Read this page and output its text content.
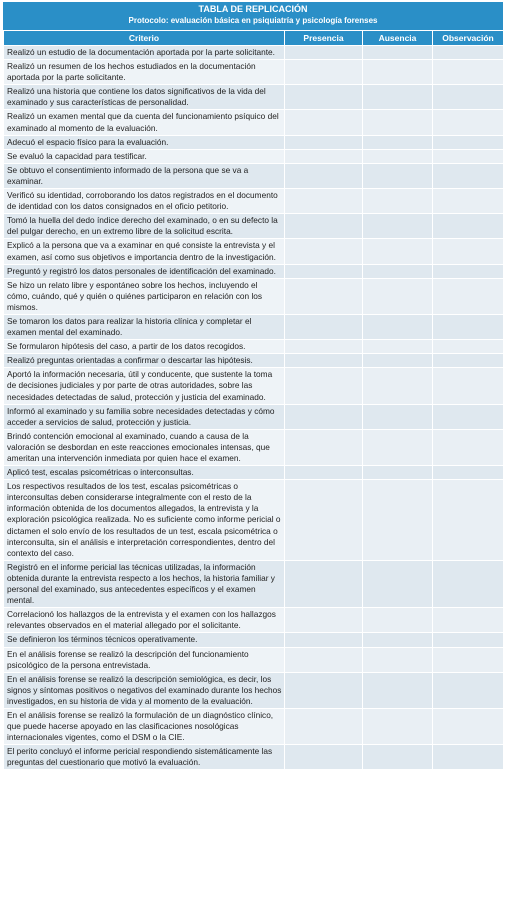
TABLA DE REPLICACIÓN
Protocolo: evaluación básica en psiquiatría y psicología forenses
Criterio	Presencia	Ausencia	Observación
Realizó un estudio de la documentación aportada por la parte solicitante.			
Realizó un resumen de los hechos estudiados en la documentación aportada por la parte solicitante.			
Realizó una historia que contiene los datos significativos de la vida del examinado y sus características de personalidad.			
Realizó un examen mental que da cuenta del funcionamiento psíquico del examinado al momento de la evaluación.			
Adecuó el espacio físico para la evaluación.			
Se evaluó la capacidad para testificar.			
Se obtuvo el consentimiento informado de la persona que se va a examinar.			
Verificó su identidad, corroborando los datos registrados en el documento de identidad con los datos consignados en el oficio petitorio.			
Tomó la huella del dedo índice derecho del examinado, o en su defecto la del pulgar derecho, en un extremo libre de la solicitud escrita.			
Explicó a la persona que va a examinar en qué consiste la entrevista y el examen, así como sus objetivos e importancia dentro de la investigación.			
Preguntó y registró los datos personales de identificación del examinado.			
Se hizo un relato libre y espontáneo sobre los hechos, incluyendo el cómo, cuándo, qué y quién o quiénes participaron en relación con los mismos.			
Se tomaron los datos para realizar la historia clínica y completar el examen mental del examinado.			
Se formularon hipótesis del caso, a partir de los datos recogidos.			
Realizó preguntas orientadas a confirmar o descartar las hipótesis.			
Aportó la información necesaria, útil y conducente, que sustente la toma de decisiones judiciales y por parte de otras autoridades, sobre las necesidades detectadas de salud, protección y justicia del examinado.			
Informó al examinado y su familia sobre necesidades detectadas y cómo acceder a servicios de salud, protección y justicia.			
Brindó contención emocional al examinado, cuando a causa de la valoración se desbordan en este reacciones emocionales intensas, que ameritan una intervención inmediata por quien hace el examen.			
Aplicó test, escalas psicométricas o interconsultas.			
Los respectivos resultados de los test, escalas psicométricas o interconsultas deben considerarse integralmente con el resto de la información obtenida de los documentos allegados, la entrevista y la exploración psicológica realizada. No es suficiente como informe pericial o dictamen el solo envío de los resultados de un test, escala psicométrica o interconsulta, sin el análisis e interpretación correspondientes, dentro del contexto del caso.			
Registró en el informe pericial las técnicas utilizadas, la información obtenida durante la entrevista respecto a los hechos, la historia familiar y personal del examinado, sus antecedentes específicos y el examen mental.			
Correlacionó los hallazgos de la entrevista y el examen con los hallazgos relevantes observados en el material allegado por el solicitante.			
Se definieron los términos técnicos operativamente.			
En el análisis forense se realizó la descripción del funcionamiento psicológico de la persona entrevistada.			
En el análisis forense se realizó la descripción semiológica, es decir, los signos y síntomas positivos o negativos del examinado durante los hechos investigados, en su historia de vida y al momento de la evaluación.			
En el análisis forense se realizó la formulación de un diagnóstico clínico, que puede hacerse apoyado en las clasificaciones nosológicas internacionales vigentes, como el DSM o la CIE.			
El perito concluyó el informe pericial respondiendo sistemáticamente las preguntas del cuestionario que motivó la evaluación.			
